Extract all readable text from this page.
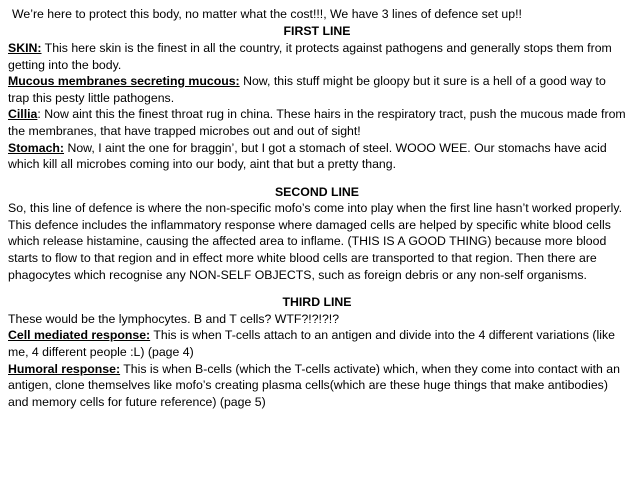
We’re here to protect this body, no matter what the cost!!!, We have 3 lines of defence set up!!
FIRST LINE

SKIN: This here skin is the finest in all the country, it protects against pathogens and generally stops them from getting into the body.

Mucous membranes secreting mucous: Now, this stuff might be gloopy but it sure is a hell of a good way to trap this pesty little pathogens.

Cillia: Now aint this the finest throat rug in china. These hairs in the respiratory tract, push the mucous made from the membranes, that have trapped microbes out and out of sight!

Stomach: Now, I aint the one for braggin’, but I got a stomach of steel. WOOO WEE. Our stomachs have acid which kill all microbes coming into our body, aint that but a pretty thang.

SECOND LINE

So, this line of defence is where the non-specific mofo’s come into play when the first line hasn’t worked properly. This defence includes the inflammatory response where damaged cells are helped by specific white blood cells which release histamine, causing the affected area to inflame. (THIS IS A GOOD THING) because more blood starts to flow to that region and in effect more white blood cells are transported to that region. Then there are phagocytes which recognise any NON-SELF OBJECTS, such as foreign debris or any non-self organisms.

THIRD LINE

These would be the lymphocytes. B and T cells? WTF?!?!?!?

Cell mediated response: This is when T-cells attach to an antigen and divide into the 4 different variations (like me, 4 different people :L) (page 4)

Humoral response: This is when B-cells (which the T-cells activate) which, when they come into contact with an antigen, clone themselves like mofo’s creating plasma cells(which are these huge things that make antibodies) and memory cells for future reference) (page 5)
